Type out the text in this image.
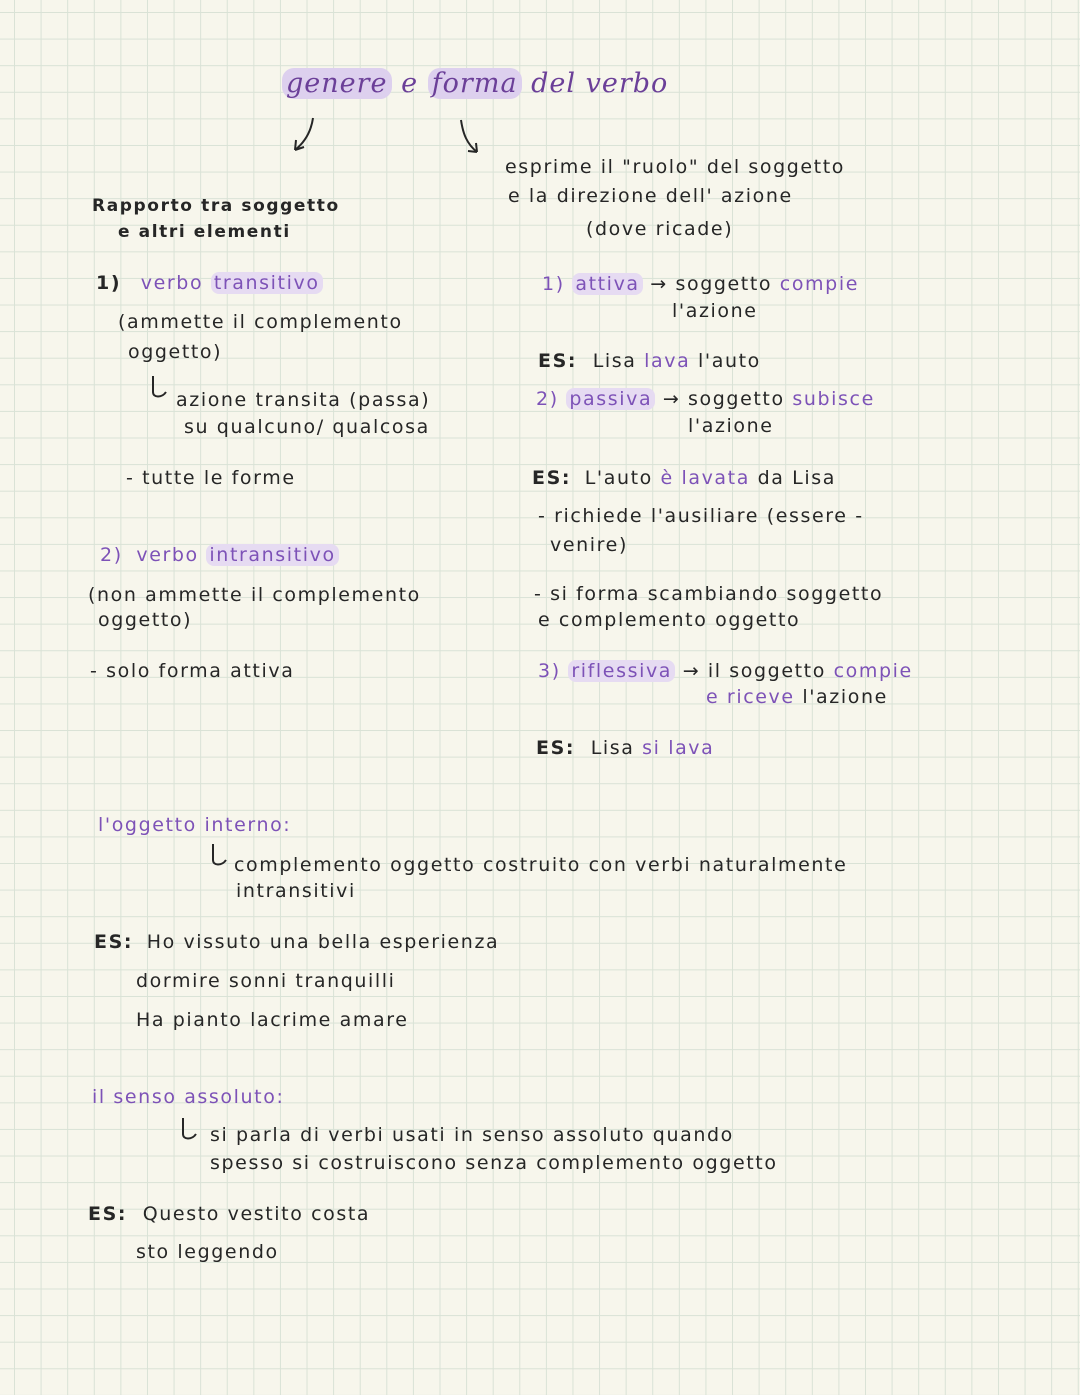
genere e forma del verbo
Rapporto tra soggetto
e altri elementi
1) verbo transitivo
(ammette il complemento
oggetto)
azione transita (passa)
su qualcuno/ qualcosa
- tutte le forme
2) verbo intransitivo
(non ammette il complemento
oggetto)
- solo forma attiva
esprime il "ruolo" del soggetto
e la direzione dell' azione
(dove ricade)
1) attiva → soggetto compie
l'azione
ES: Lisa lava l'auto
2) passiva → soggetto subisce
l'azione
ES: L'auto è lavata da Lisa
- richiede l'ausiliare (essere -
venire)
- si forma scambiando soggetto
e complemento oggetto
3) riflessiva → il soggetto compie
e riceve l'azione
ES: Lisa si lava
l'oggetto interno:
complemento oggetto costruito con verbi naturalmente
intransitivi
ES: Ho vissuto una bella esperienza
dormire sonni tranquilli
Ha pianto lacrime amare
il senso assoluto:
si parla di verbi usati in senso assoluto quando
spesso si costruiscono senza complemento oggetto
ES: Questo vestito costa
sto leggendo
